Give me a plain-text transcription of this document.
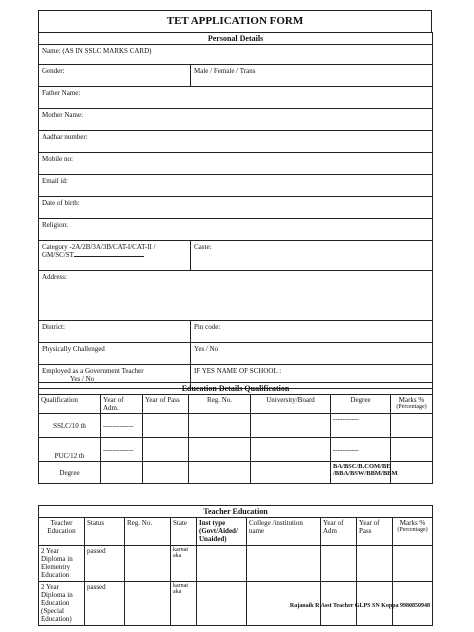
TET APPLICATION FORM
Personal Details	
Name: (AS IN SSLC MARKS CARD)	
Gender:	Male / Female / Trans
Father Name:	
Mother Name:	
Aadhar number:	
Mobile no:	
Email id:	
Date of birth:	
Religion:	

Category -2A/2B/3A/3B/CAT-I/CAT-II /
GM/SC/ST	Caste:
Address:	
District:	Pin code:
Physically Challenged	Yes / No

Employed as a Government Teacher
Yes / No	IF YES NAME OF SCHOOL :
Education Details Qualification						
Qualification	Year of Adm.	Year of Pass	Reg. No.	University/Board	Degree	Marks %
(Percentage)

SSLC/10 th	-------------				-----------	
PUC/12 th	-------------				-----------	
Degree					BA/BSC/B.COM/BE
/BBA/BSW/BBM/BBM	

Teacher Education								
Teacher Education	Status	Reg. No.	State	Inst type (Govt/Aided/ Unaided)	College /institution name	Year of Adm	Year of Pass	Marks %
(Percentage)

2 Year Diploma in Elementry Education	passed		karnat aka					
2 Year Diploma in Education (Special Education)	passed		karnat aka					
Rajanaik R Asst Teacher GLPS SN Koppa 9980850948
